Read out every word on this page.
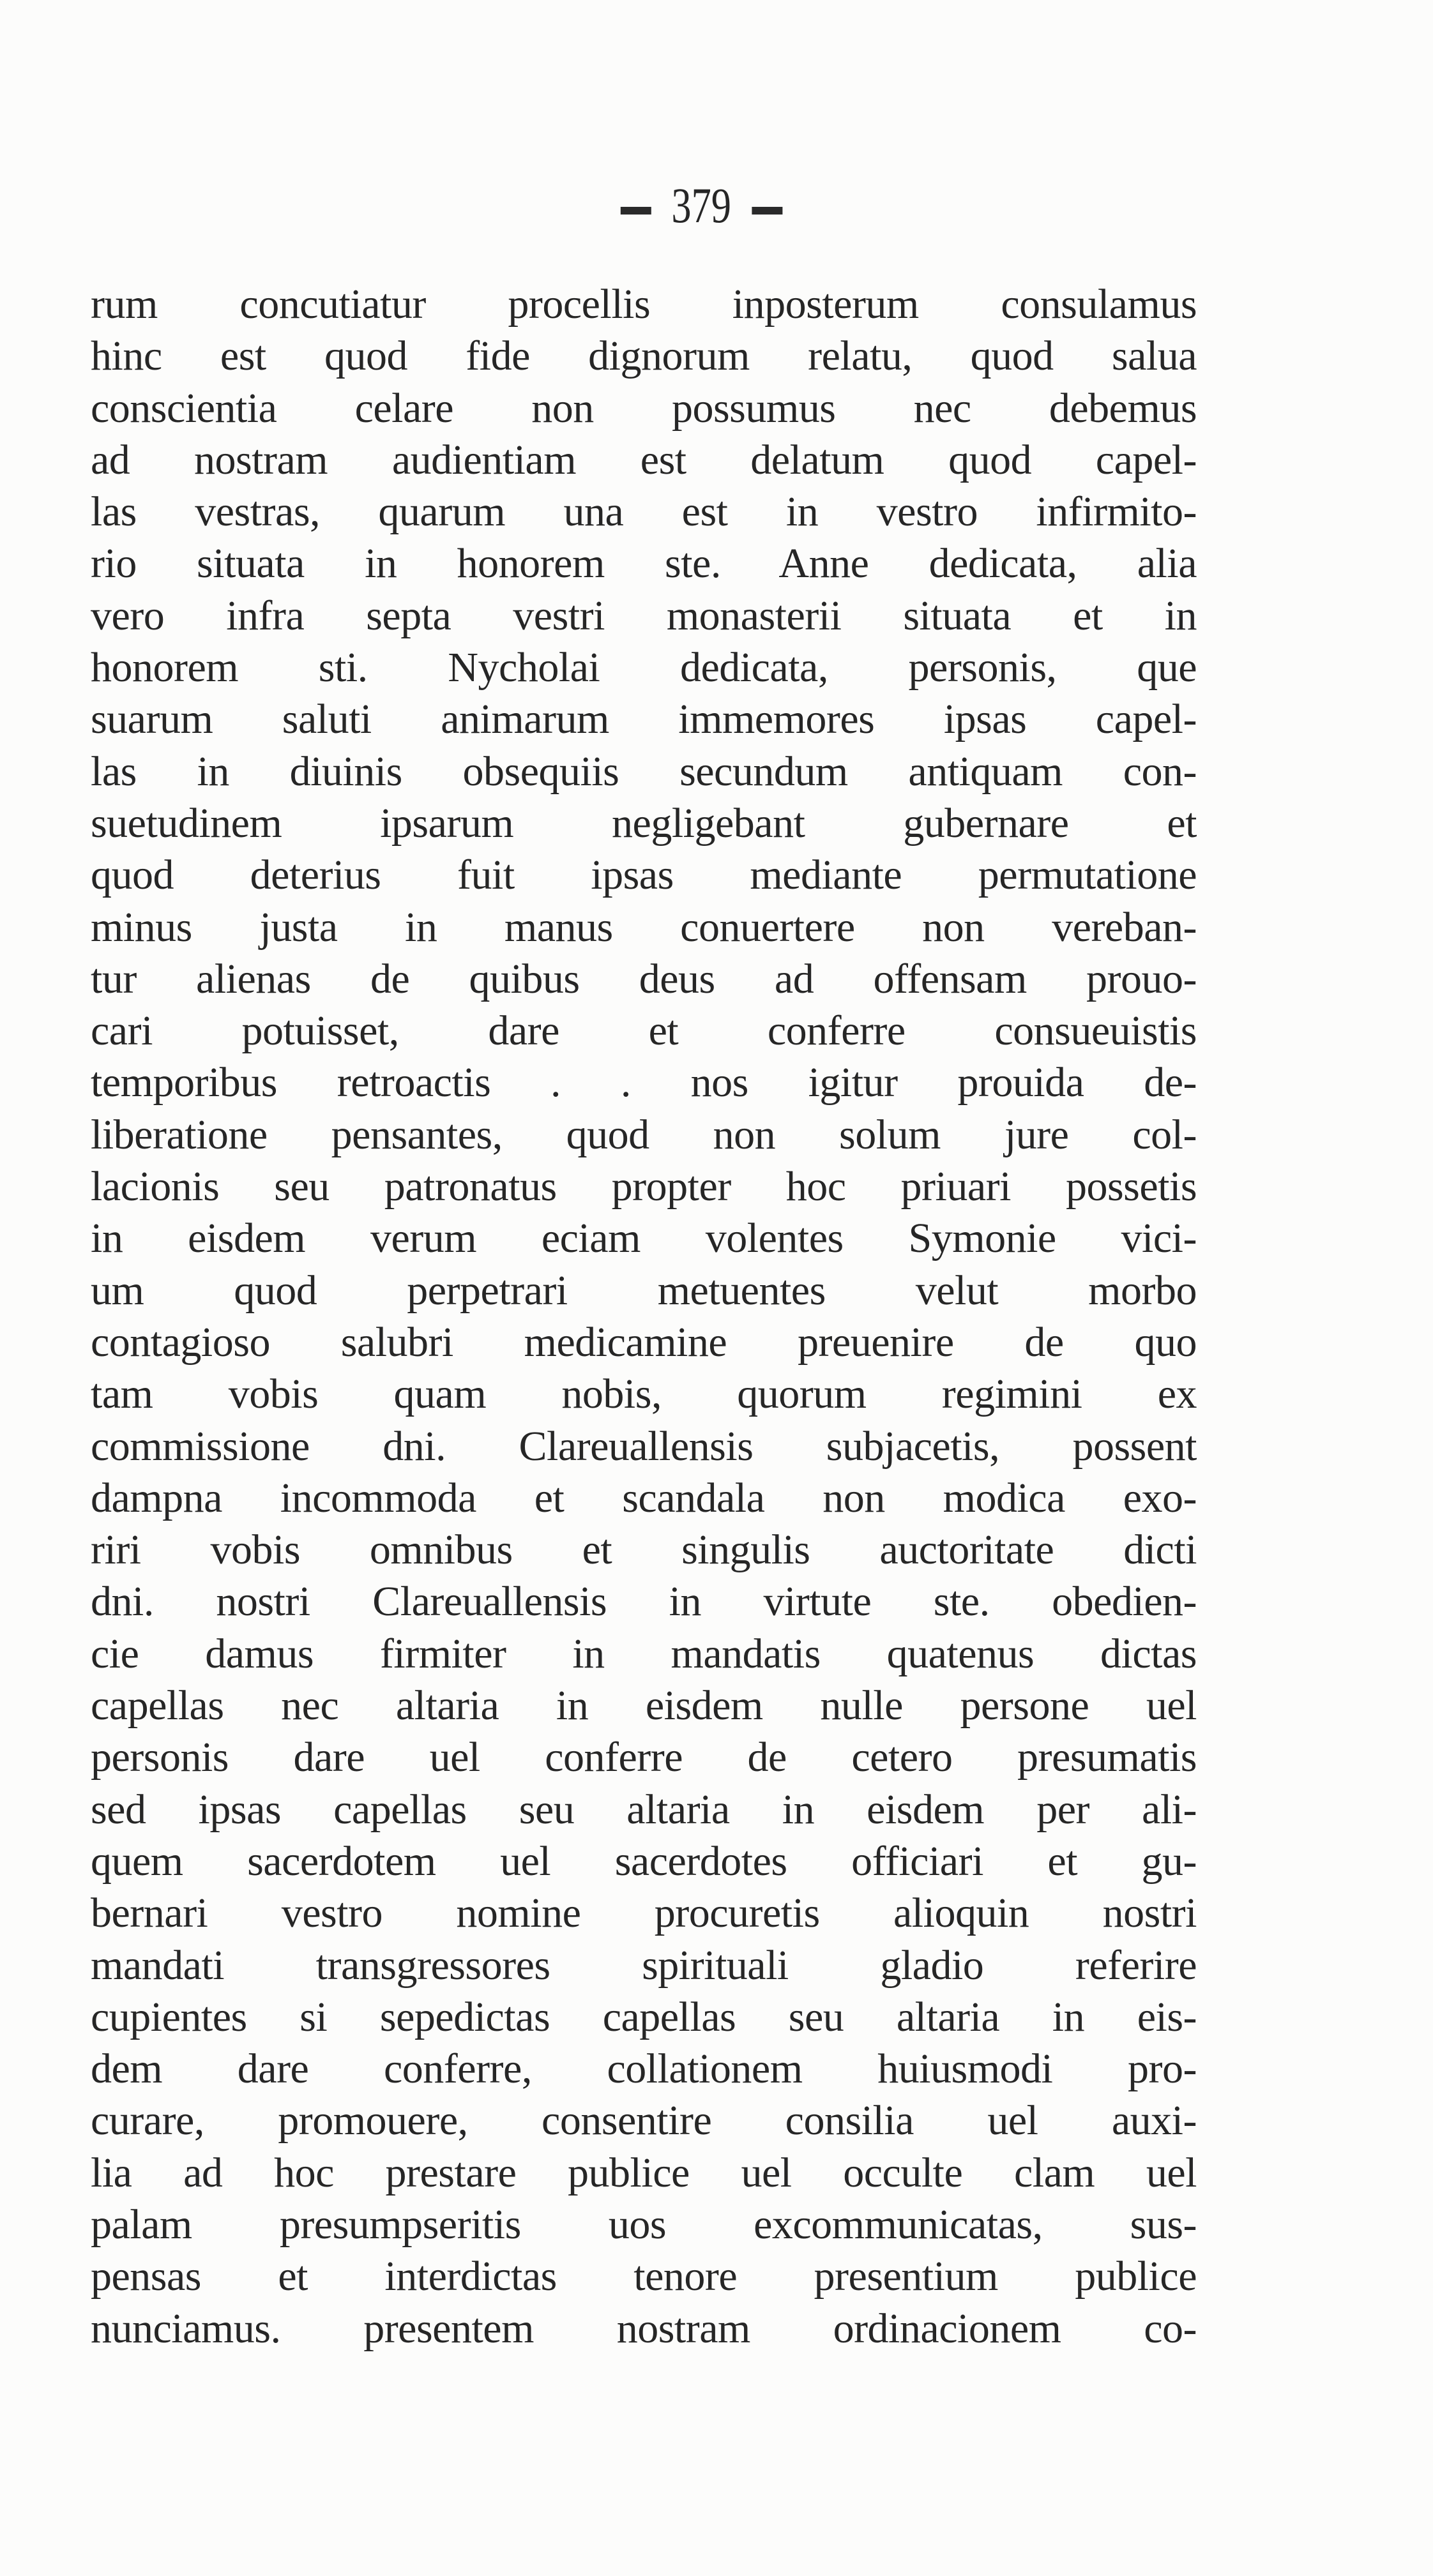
379
rum concutiatur procellis inposterum consulamus
hinc est quod fide dignorum relatu, quod salua
conscientia celare non possumus nec debemus
ad nostram audientiam est delatum quod capel-
las vestras, quarum una est in vestro infirmito-
rio situata in honorem ste. Anne dedicata, alia
vero infra septa vestri monasterii situata et in
honorem sti. Nycholai dedicata, personis, que
suarum saluti animarum immemores ipsas capel-
las in diuinis obsequiis secundum antiquam con-
suetudinem ipsarum negligebant gubernare et
quod deterius fuit ipsas mediante permutatione
minus justa in manus conuertere non vereban-
tur alienas de quibus deus ad offensam prouo-
cari potuisset, dare et conferre consueuistis
temporibus retroactis . . nos igitur prouida de-
liberatione pensantes, quod non solum jure col-
lacionis seu patronatus propter hoc priuari possetis
in eisdem verum eciam volentes Symonie vici-
um quod perpetrari metuentes velut morbo
contagioso salubri medicamine preuenire de quo
tam vobis quam nobis, quorum regimini ex
commissione dni. Clareuallensis subjacetis, possent
dampna incommoda et scandala non modica exo-
riri vobis omnibus et singulis auctoritate dicti
dni. nostri Clareuallensis in virtute ste. obedien-
cie damus firmiter in mandatis quatenus dictas
capellas nec altaria in eisdem nulle persone uel
personis dare uel conferre de cetero presumatis
sed ipsas capellas seu altaria in eisdem per ali-
quem sacerdotem uel sacerdotes officiari et gu-
bernari vestro nomine procuretis alioquin nostri
mandati transgressores spirituali gladio referire
cupientes si sepedictas capellas seu altaria in eis-
dem dare conferre, collationem huiusmodi pro-
curare, promouere, consentire consilia uel auxi-
lia ad hoc prestare publice uel occulte clam uel
palam presumpseritis uos excommunicatas, sus-
pensas et interdictas tenore presentium publice
nunciamus. presentem nostram ordinacionem co-
